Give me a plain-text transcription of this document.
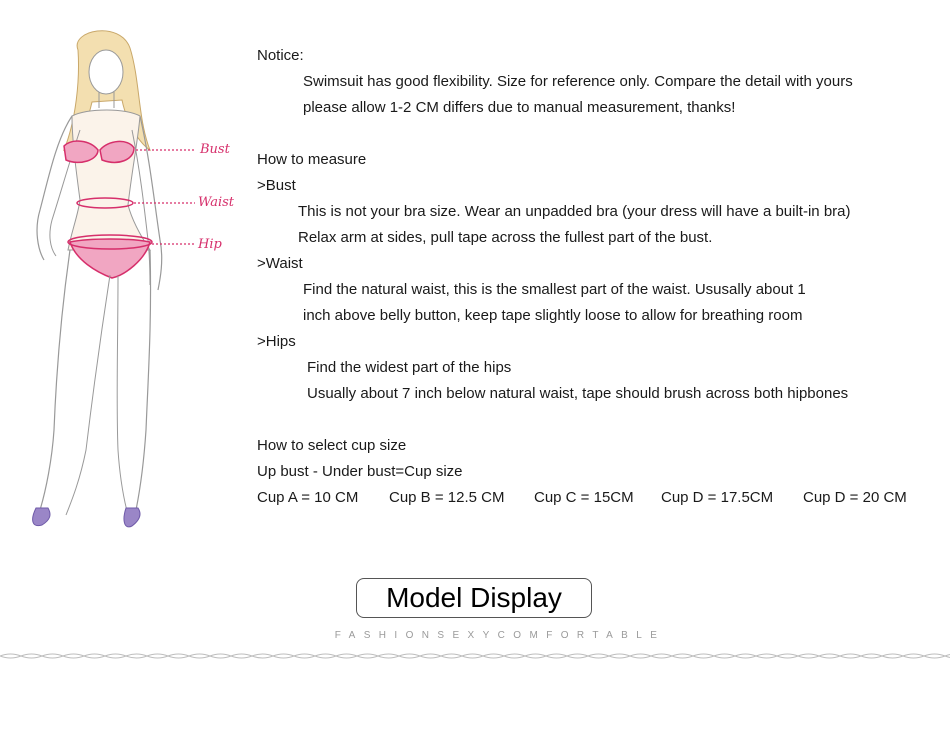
Bust
Waist
Hip
Notice:
Swimsuit has good flexibility. Size for reference only. Compare the detail with yours
please allow 1-2 CM differs due to manual measurement, thanks!
How to measure
>Bust
This is not your bra size. Wear an unpadded bra (your dress will have a built-in bra)
Relax arm at sides, pull tape across the fullest part of the bust.
>Waist
Find the natural waist, this is the smallest part of the waist. Ususally about 1
inch above belly button, keep tape slightly loose to allow for breathing room
>Hips
Find the widest part of the hips
Usually about 7 inch below natural waist, tape should brush across both hipbones
How to select cup size
Up bust - Under bust=Cup size
Cup A = 10 CM	Cup B = 12.5 CM	Cup C = 15CM	Cup D = 17.5CM	Cup D = 20 CM
Model Display
FASHIONSEXYCOMFORTABLE
